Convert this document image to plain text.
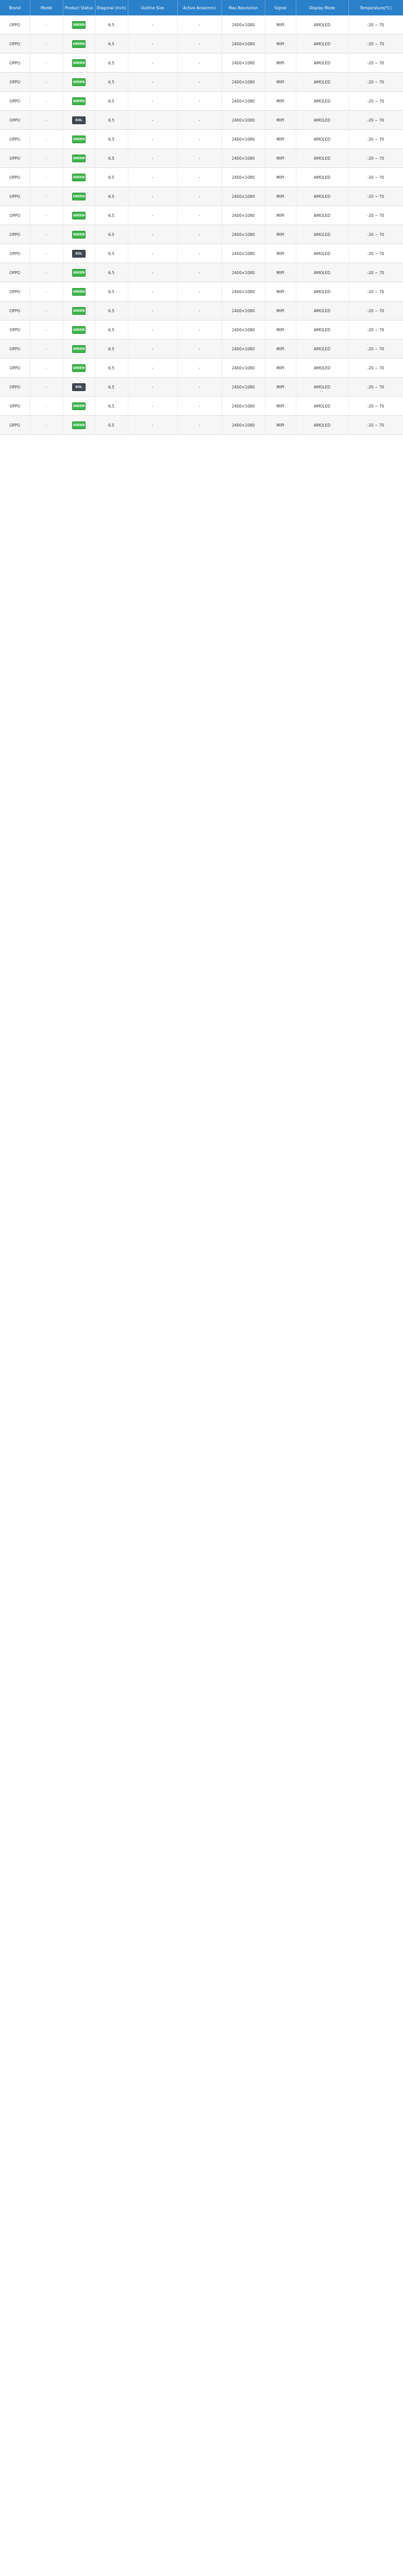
Brand	Model	Product Status	Diagonal (inch)	Outline Size	Active Area(mm)	Max.Resolution	Signal	Display Mode	Temperature(℃)
OPPO	-	GREEN	6.5	-	-	2400×1080	MIPI	AMOLED	-20 ~ 70
OPPO	-	GREEN	6.5	-	-	2400×1080	MIPI	AMOLED	-20 ~ 70
OPPO	-	GREEN	6.5	-	-	2400×1080	MIPI	AMOLED	-20 ~ 70
OPPO	-	GREEN	6.5	-	-	2400×1080	MIPI	AMOLED	-20 ~ 70
OPPO	-	GREEN	6.5	-	-	2400×1080	MIPI	AMOLED	-20 ~ 70
OPPO	-	EOL	6.5	-	-	2400×1080	MIPI	AMOLED	-20 ~ 70
OPPO	-	GREEN	6.5	-	-	2400×1080	MIPI	AMOLED	-20 ~ 70
OPPO	-	GREEN	6.5	-	-	2400×1080	MIPI	AMOLED	-20 ~ 70
OPPO	-	GREEN	6.5	-	-	2400×1080	MIPI	AMOLED	-20 ~ 70
OPPO	-	GREEN	6.5	-	-	2400×1080	MIPI	AMOLED	-20 ~ 70
OPPO	-	GREEN	6.5	-	-	2400×1080	MIPI	AMOLED	-20 ~ 70
OPPO	-	GREEN	6.5	-	-	2400×1080	MIPI	AMOLED	-20 ~ 70
OPPO	-	EOL	6.5	-	-	2400×1080	MIPI	AMOLED	-20 ~ 70
OPPO	-	GREEN	6.5	-	-	2400×1080	MIPI	AMOLED	-20 ~ 70
OPPO	-	GREEN	6.5	-	-	2400×1080	MIPI	AMOLED	-20 ~ 70
OPPO	-	GREEN	6.5	-	-	2400×1080	MIPI	AMOLED	-20 ~ 70
OPPO	-	GREEN	6.5	-	-	2400×1080	MIPI	AMOLED	-20 ~ 70
OPPO	-	GREEN	6.5	-	-	2400×1080	MIPI	AMOLED	-20 ~ 70
OPPO	-	GREEN	6.5	-	-	2400×1080	MIPI	AMOLED	-20 ~ 70
OPPO	-	EOL	6.5	-	-	2400×1080	MIPI	AMOLED	-20 ~ 70
OPPO	-	GREEN	6.5	-	-	2400×1080	MIPI	AMOLED	-20 ~ 70
OPPO	-	GREEN	6.5	-	-	2400×1080	MIPI	AMOLED	-20 ~ 70
